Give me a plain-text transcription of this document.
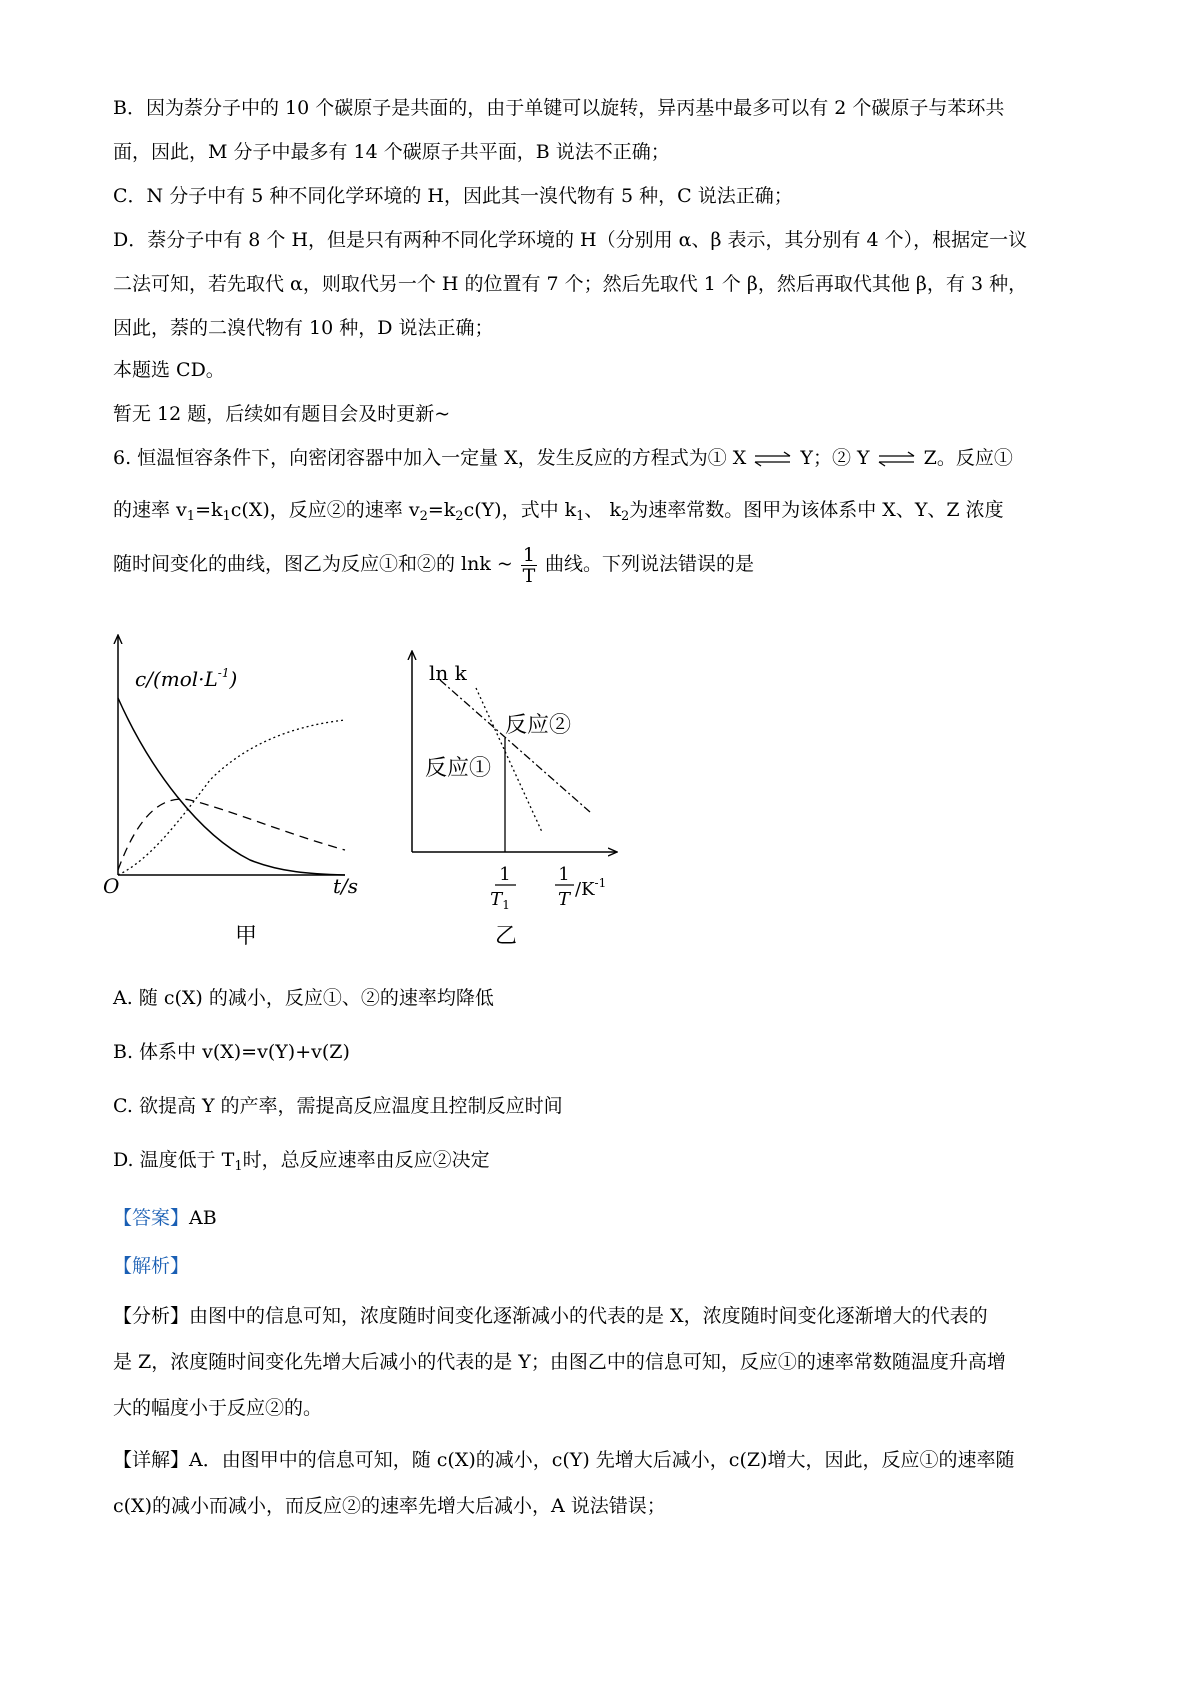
B．因为萘分子中的 10 个碳原子是共面的，由于单键可以旋转，异丙基中最多可以有 2 个碳原子与苯环共
面，因此，M 分子中最多有 14 个碳原子共平面，B 说法不正确；
C．N 分子中有 5 种不同化学环境的 H，因此其一溴代物有 5 种，C 说法正确；
D．萘分子中有 8 个 H，但是只有两种不同化学环境的 H（分别用 α、β 表示，其分别有 4 个），根据定一议
二法可知，若先取代 α，则取代另一个 H 的位置有 7 个；然后先取代 1 个 β，然后再取代其他 β，有 3 种，
因此，萘的二溴代物有 10 种，D 说法正确；
本题选 CD。
暂无 12 题，后续如有题目会及时更新~
6. 恒温恒容条件下，向密闭容器中加入一定量 X，发生反应的方程式为① X ⇌ Y；② Y ⇌ Z。反应①
的速率 $v_1=k_1c(X)$，反应②的速率 $v_2=k_2c(Y)$，式中 $k_1$、 $k_2$为速率常数。图甲为该体系中 X、Y、Z 浓度
随时间变化的曲线，图乙为反应①和②的 lnk ~ $\frac{1}{T}$ 曲线。下列说法错误的是
$c/(mol\cdot L^{-1})$
O	t/s
甲
ln k
反应②
反应①
1
$T_1$
1
T $/K^{-1}$
乙
A. 随 c(X) 的减小，反应①、②的速率均降低
B. 体系中 v(X)=v(Y)+v(Z)
C. 欲提高 Y 的产率，需提高反应温度且控制反应时间
D. 温度低于 $T_1$时，总反应速率由反应②决定
【答案】AB
【解析】
【分析】由图中的信息可知，浓度随时间变化逐渐减小的代表的是 X，浓度随时间变化逐渐增大的代表的
是 Z，浓度随时间变化先增大后减小的代表的是 Y；由图乙中的信息可知，反应①的速率常数随温度升高增
大的幅度小于反应②的。
【详解】A．由图甲中的信息可知，随 c(X)的减小，c(Y) 先增大后减小，c(Z)增大，因此，反应①的速率随
c(X)的减小而减小，而反应②的速率先增大后减小，A 说法错误；
